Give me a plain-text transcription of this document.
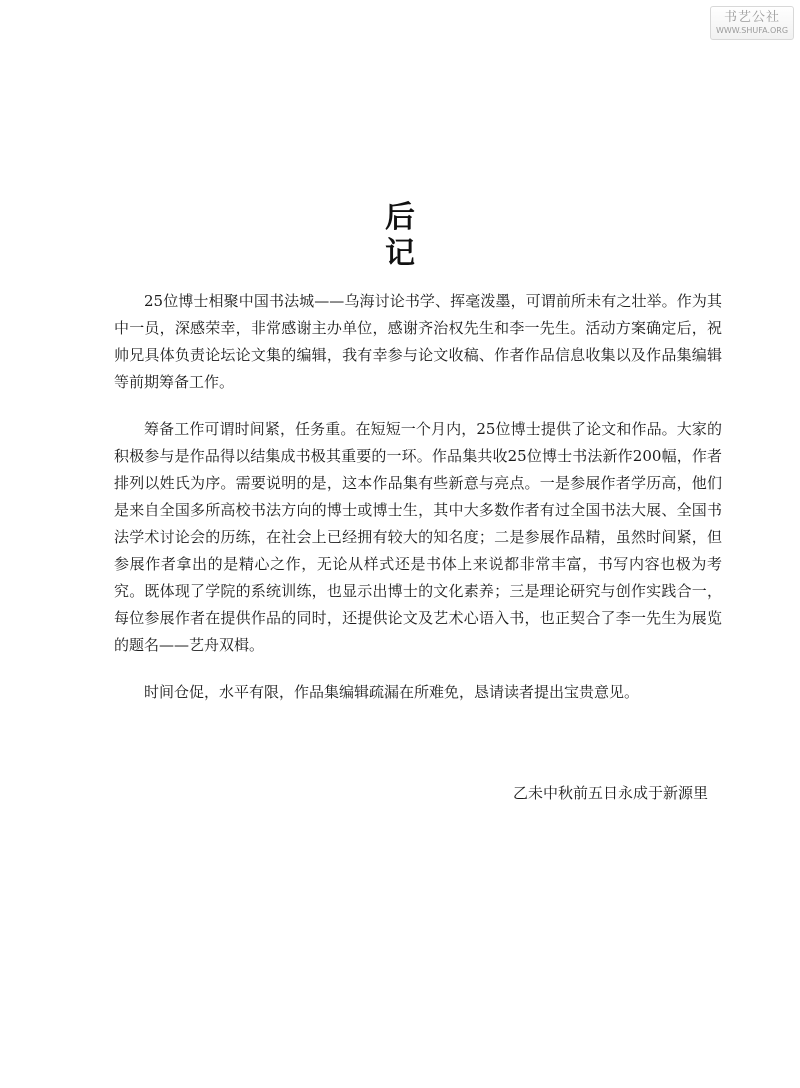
书艺公社
WWW.SHUFA.ORG
后
记

25位博士相聚中国书法城——乌海讨论书学、挥毫泼墨，可谓前所未有之壮举。作为其中一员，深感荣幸，非常感谢主办单位，感谢齐治权先生和李一先生。活动方案确定后，祝帅兄具体负责论坛论文集的编辑，我有幸参与论文收稿、作者作品信息收集以及作品集编辑等前期筹备工作。

筹备工作可谓时间紧，任务重。在短短一个月内，25位博士提供了论文和作品。大家的积极参与是作品得以结集成书极其重要的一环。作品集共收25位博士书法新作200幅，作者排列以姓氏为序。需要说明的是，这本作品集有些新意与亮点。一是参展作者学历高，他们是来自全国多所高校书法方向的博士或博士生，其中大多数作者有过全国书法大展、全国书法学术讨论会的历练，在社会上已经拥有较大的知名度；二是参展作品精，虽然时间紧，但参展作者拿出的是精心之作，无论从样式还是书体上来说都非常丰富，书写内容也极为考究。既体现了学院的系统训练，也显示出博士的文化素养；三是理论研究与创作实践合一，每位参展作者在提供作品的同时，还提供论文及艺术心语入书，也正契合了李一先生为展览的题名——艺舟双楫。

时间仓促，水平有限，作品集编辑疏漏在所难免，恳请读者提出宝贵意见。

乙未中秋前五日永成于新源里
